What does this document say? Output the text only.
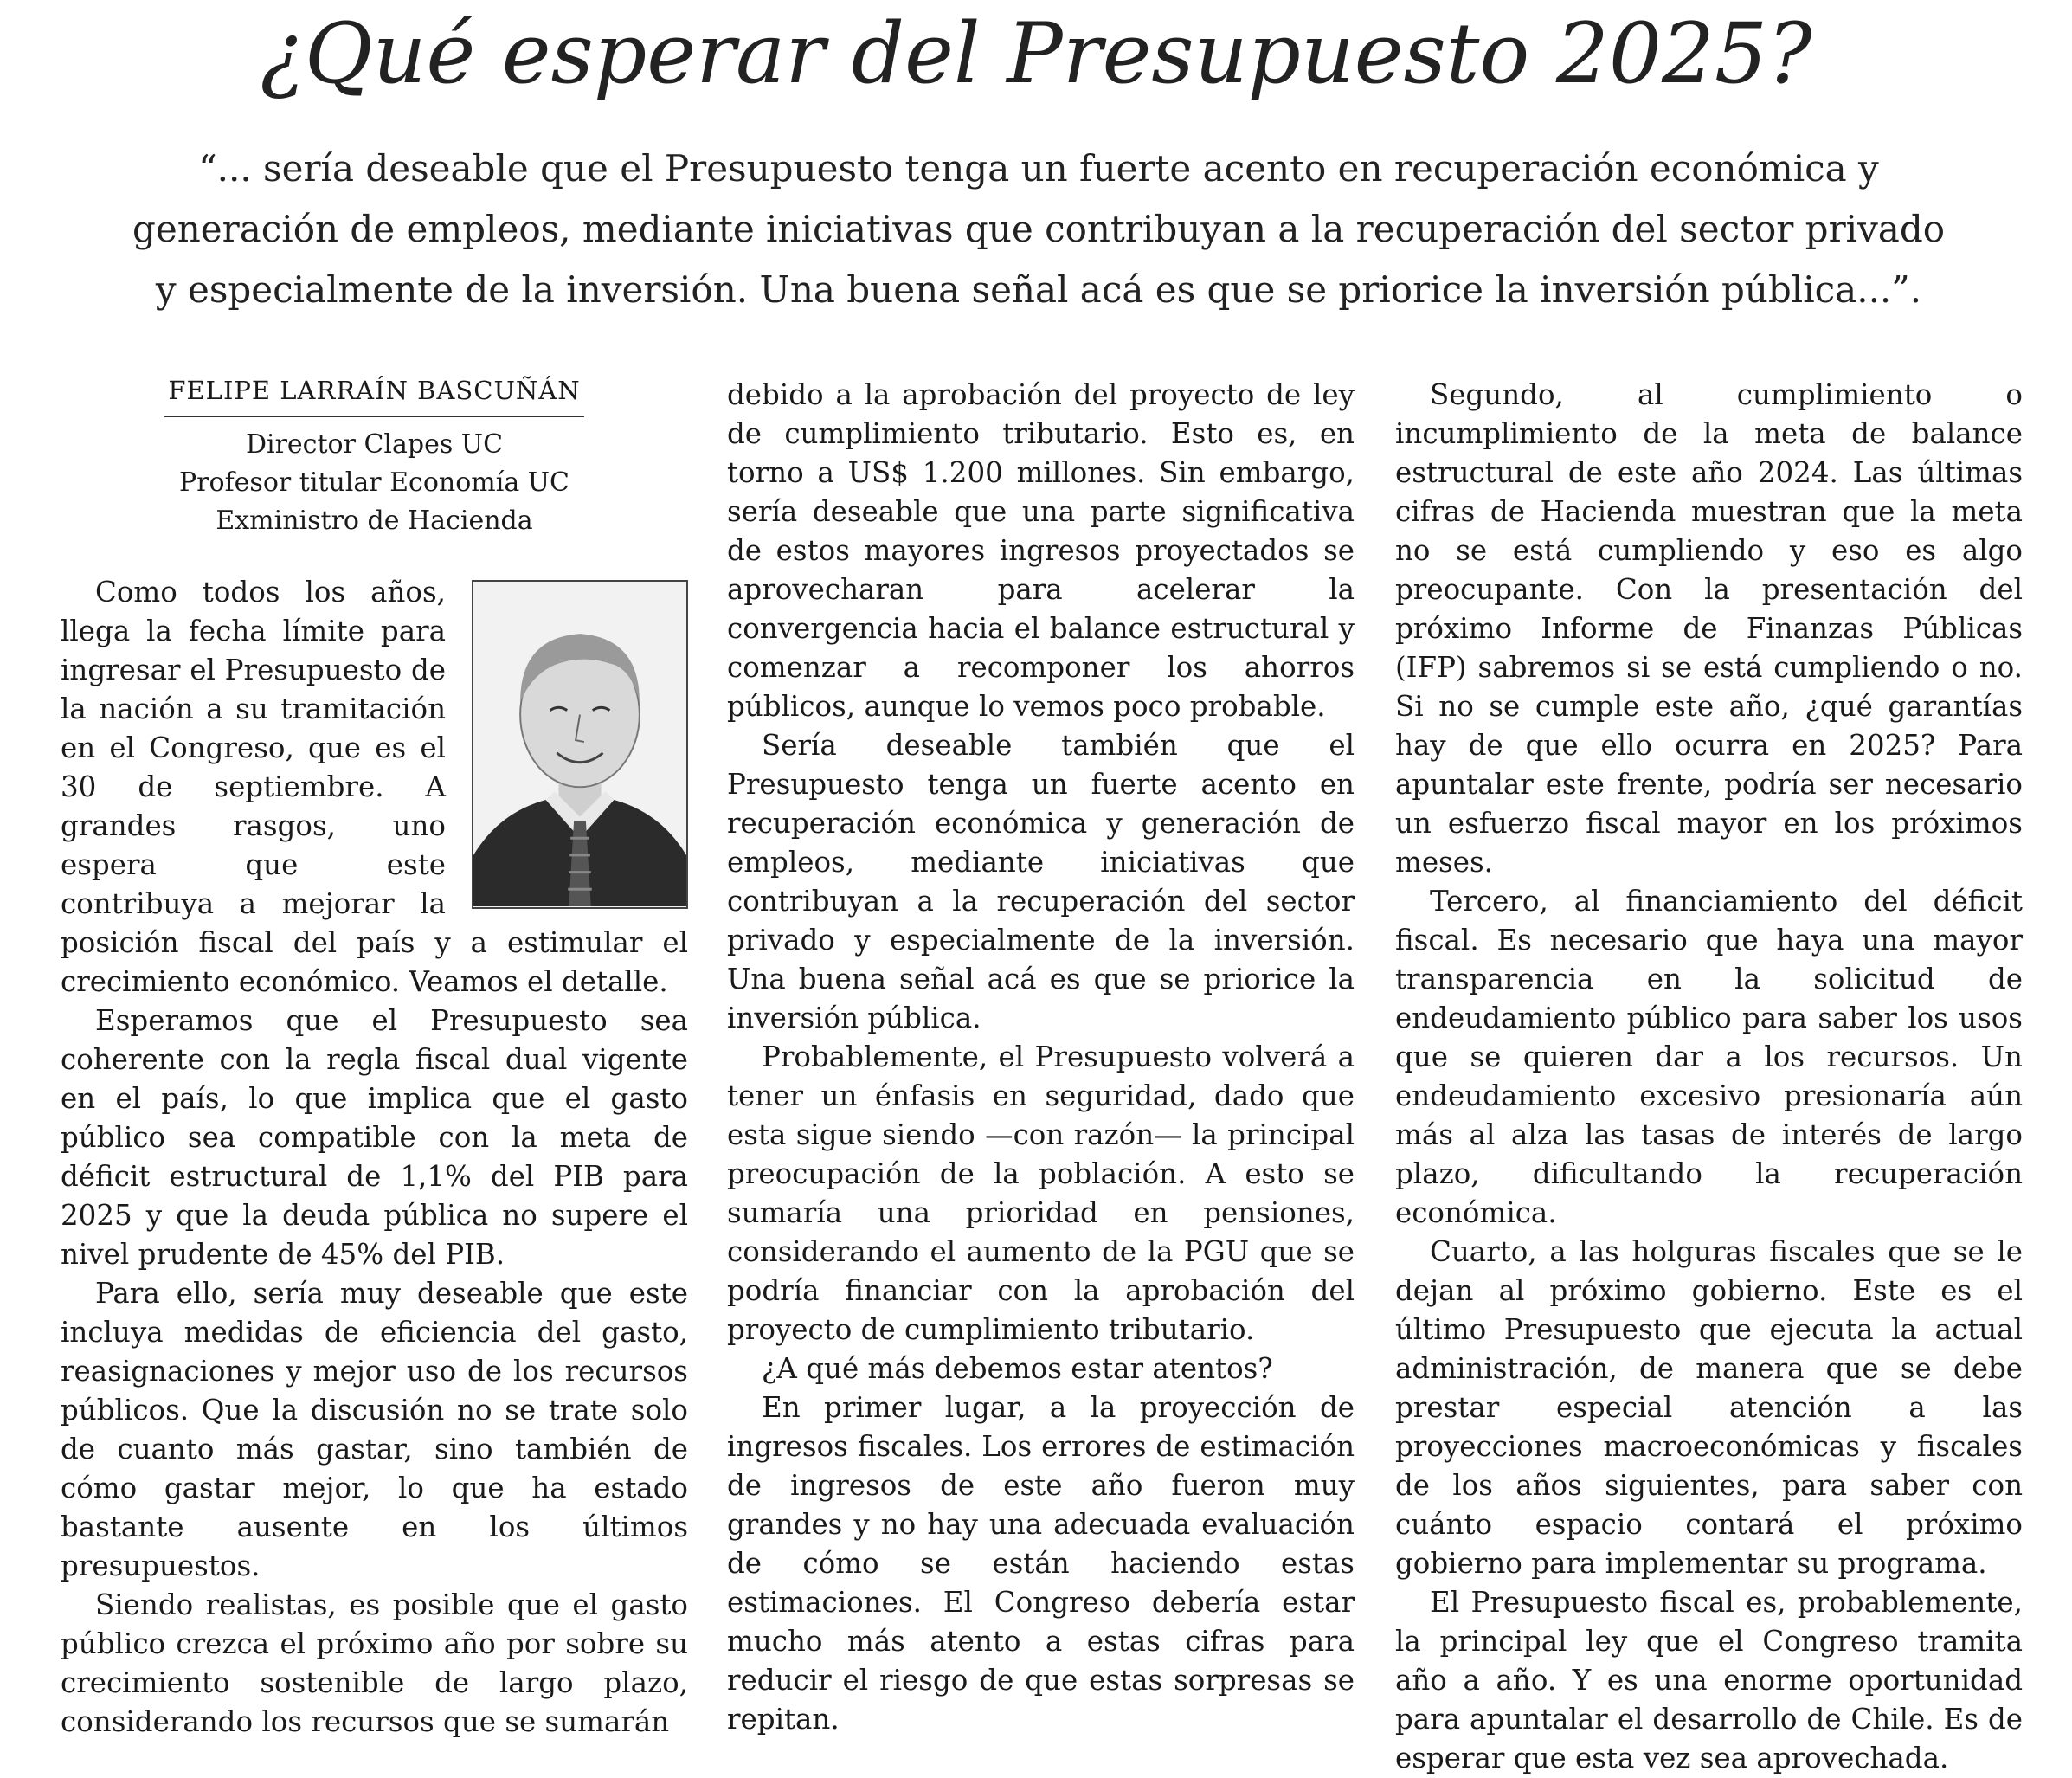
¿Qué esperar del Presupuesto 2025?
“... sería deseable que el Presupuesto tenga un fuerte acento en recuperación económica y
generación de empleos, mediante iniciativas que contribuyan a la recuperación del sector privado
y especialmente de la inversión. Una buena señal acá es que se priorice la inversión pública...”.
FELIPE LARRAÍN BASCUÑÁN
Director Clapes UC
Profesor titular Economía UC
Exministro de Hacienda

Como todos los años, llega la fecha límite para ingresar el Presupuesto de la nación a su tramitación en el Congreso, que es el 30 de septiembre. A grandes rasgos, uno espera que este contribuya a mejorar la posición fiscal del país y a estimular el crecimiento económico. Veamos el detalle.

Esperamos que el Presupuesto sea coherente con la regla fiscal dual vigente en el país, lo que implica que el gasto público sea compatible con la meta de déficit estructural de 1,1% del PIB para 2025 y que la deuda pública no supere el nivel prudente de 45% del PIB.

Para ello, sería muy deseable que este incluya medidas de eficiencia del gasto, reasignaciones y mejor uso de los recursos públicos. Que la discusión no se trate solo de cuanto más gastar, sino también de cómo gastar mejor, lo que ha estado bastante ausente en los últimos presupuestos.

Siendo realistas, es posible que el gasto público crezca el próximo año por sobre su crecimiento sostenible de largo plazo, considerando los recursos que se sumarán

debido a la aprobación del proyecto de ley de cumplimiento tributario. Esto es, en torno a US$ 1.200 millones. Sin embargo, sería deseable que una parte significativa de estos mayores ingresos proyectados se aprovecharan para acelerar la convergencia hacia el balance estructural y comenzar a recomponer los ahorros públicos, aunque lo vemos poco probable.

Sería deseable también que el Presupuesto tenga un fuerte acento en recuperación económica y generación de empleos, mediante iniciativas que contribuyan a la recuperación del sector privado y especialmente de la inversión. Una buena señal acá es que se priorice la inversión pública.

Probablemente, el Presupuesto volverá a tener un énfasis en seguridad, dado que esta sigue siendo —con razón— la principal preocupación de la población. A esto se sumaría una prioridad en pensiones, considerando el aumento de la PGU que se podría financiar con la aprobación del proyecto de cumplimiento tributario.

¿A qué más debemos estar atentos?

En primer lugar, a la proyección de ingresos fiscales. Los errores de estimación de ingresos de este año fueron muy grandes y no hay una adecuada evaluación de cómo se están haciendo estas estimaciones. El Congreso debería estar mucho más atento a estas cifras para reducir el riesgo de que estas sorpresas se repitan.

Segundo, al cumplimiento o incumplimiento de la meta de balance estructural de este año 2024. Las últimas cifras de Hacienda muestran que la meta no se está cumpliendo y eso es algo preocupante. Con la presentación del próximo Informe de Finanzas Públicas (IFP) sabremos si se está cumpliendo o no. Si no se cumple este año, ¿qué garantías hay de que ello ocurra en 2025? Para apuntalar este frente, podría ser necesario un esfuerzo fiscal mayor en los próximos meses.

Tercero, al financiamiento del déficit fiscal. Es necesario que haya una mayor transparencia en la solicitud de endeudamiento público para saber los usos que se quieren dar a los recursos. Un endeudamiento excesivo presionaría aún más al alza las tasas de interés de largo plazo, dificultando la recuperación económica.

Cuarto, a las holguras fiscales que se le dejan al próximo gobierno. Este es el último Presupuesto que ejecuta la actual administración, de manera que se debe prestar especial atención a las proyecciones macroeconómicas y fiscales de los años siguientes, para saber con cuánto espacio contará el próximo gobierno para implementar su programa.

El Presupuesto fiscal es, probablemente, la principal ley que el Congreso tramita año a año. Y es una enorme oportunidad para apuntalar el desarrollo de Chile. Es de esperar que esta vez sea aprovechada.
